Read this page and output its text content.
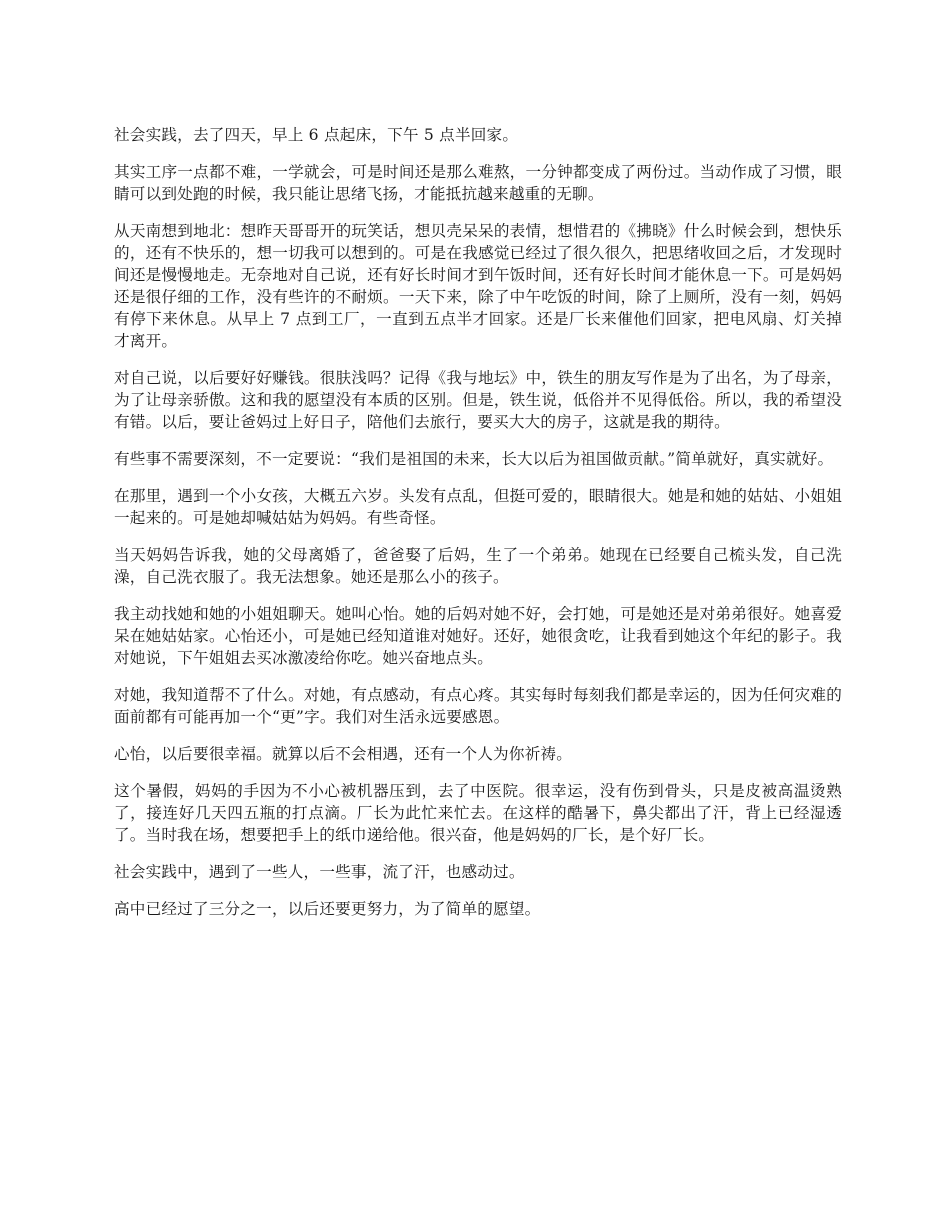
社会实践，去了四天，早上 6 点起床，下午 5 点半回家。

其实工序一点都不难，一学就会，可是时间还是那么难熬，一分钟都变成了两份过。当动作成了习惯，眼睛可以到处跑的时候，我只能让思绪飞扬，才能抵抗越来越重的无聊。

从天南想到地北：想昨天哥哥开的玩笑话，想贝壳呆呆的表情，想惜君的《拂晓》什么时候会到，想快乐的，还有不快乐的，想一切我可以想到的。可是在我感觉已经过了很久很久，把思绪收回之后，才发现时间还是慢慢地走。无奈地对自己说，还有好长时间才到午饭时间，还有好长时间才能休息一下。可是妈妈还是很仔细的工作，没有些许的不耐烦。一天下来，除了中午吃饭的时间，除了上厕所，没有一刻，妈妈有停下来休息。从早上 7 点到工厂，一直到五点半才回家。还是厂长来催他们回家，把电风扇、灯关掉才离开。

对自己说，以后要好好赚钱。很肤浅吗？记得《我与地坛》中，铁生的朋友写作是为了出名，为了母亲，为了让母亲骄傲。这和我的愿望没有本质的区别。但是，铁生说，低俗并不见得低俗。所以，我的希望没有错。以后，要让爸妈过上好日子，陪他们去旅行，要买大大的房子，这就是我的期待。

有些事不需要深刻，不一定要说：“我们是祖国的未来，长大以后为祖国做贡献。”简单就好，真实就好。

在那里，遇到一个小女孩，大概五六岁。头发有点乱，但挺可爱的，眼睛很大。她是和她的姑姑、小姐姐一起来的。可是她却喊姑姑为妈妈。有些奇怪。

当天妈妈告诉我，她的父母离婚了，爸爸娶了后妈，生了一个弟弟。她现在已经要自己梳头发，自己洗澡，自己洗衣服了。我无法想象。她还是那么小的孩子。

我主动找她和她的小姐姐聊天。她叫心怡。她的后妈对她不好，会打她，可是她还是对弟弟很好。她喜爱呆在她姑姑家。心怡还小，可是她已经知道谁对她好。还好，她很贪吃，让我看到她这个年纪的影子。我对她说，下午姐姐去买冰激凌给你吃。她兴奋地点头。

对她，我知道帮不了什么。对她，有点感动，有点心疼。其实每时每刻我们都是幸运的，因为任何灾难的面前都有可能再加一个“更”字。我们对生活永远要感恩。

心怡，以后要很幸福。就算以后不会相遇，还有一个人为你祈祷。

这个暑假，妈妈的手因为不小心被机器压到，去了中医院。很幸运，没有伤到骨头，只是皮被高温烫熟了，接连好几天四五瓶的打点滴。厂长为此忙来忙去。在这样的酷暑下，鼻尖都出了汗，背上已经湿透了。当时我在场，想要把手上的纸巾递给他。很兴奋，他是妈妈的厂长，是个好厂长。

社会实践中，遇到了一些人，一些事，流了汗，也感动过。

高中已经过了三分之一，以后还要更努力，为了简单的愿望。
